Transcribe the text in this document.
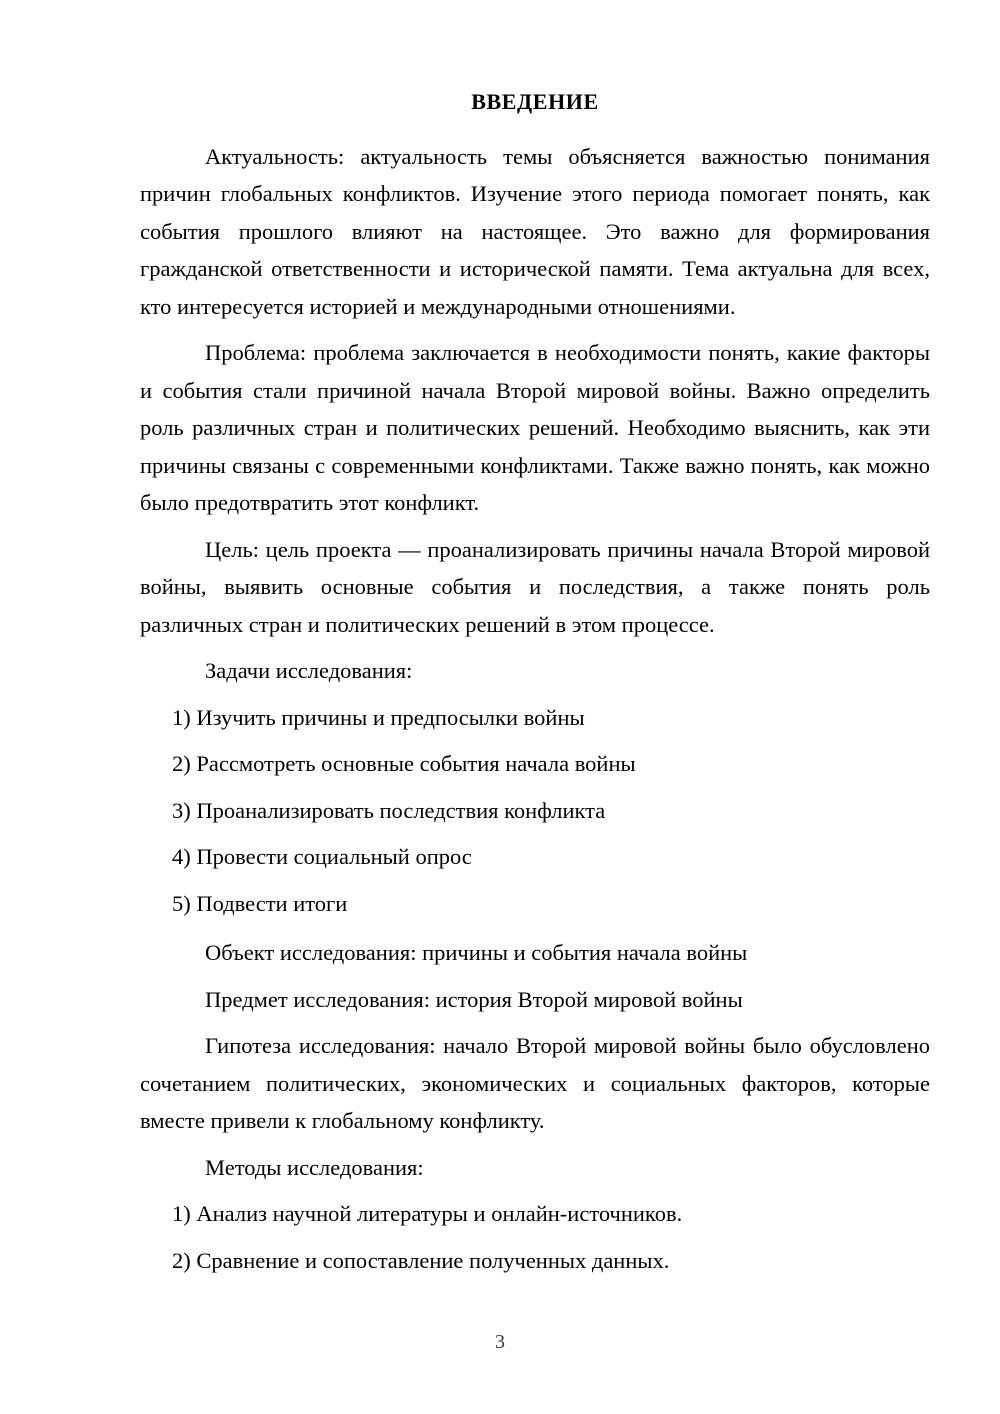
ВВЕДЕНИЕ

Актуальность: актуальность темы объясняется важностью понимания причин глобальных конфликтов. Изучение этого периода помогает понять, как события прошлого влияют на настоящее. Это важно для формирования гражданской ответственности и исторической памяти. Тема актуальна для всех, кто интересуется историей и международными отношениями.

Проблема: проблема заключается в необходимости понять, какие факторы и события стали причиной начала Второй мировой войны. Важно определить роль различных стран и политических решений. Необходимо выяснить, как эти причины связаны с современными конфликтами. Также важно понять, как можно было предотвратить этот конфликт.

Цель: цель проекта — проанализировать причины начала Второй мировой войны, выявить основные события и последствия, а также понять роль различных стран и политических решений в этом процессе.

Задачи исследования:

1) Изучить причины и предпосылки войны
2) Рассмотреть основные события начала войны
3) Проанализировать последствия конфликта
4) Провести социальный опрос
5) Подвести итоги

Объект исследования: причины и события начала войны

Предмет исследования: история Второй мировой войны

Гипотеза исследования: начало Второй мировой войны было обусловлено сочетанием политических, экономических и социальных факторов, которые вместе привели к глобальному конфликту.

Методы исследования:

1) Анализ научной литературы и онлайн-источников.
2) Сравнение и сопоставление полученных данных.
3
